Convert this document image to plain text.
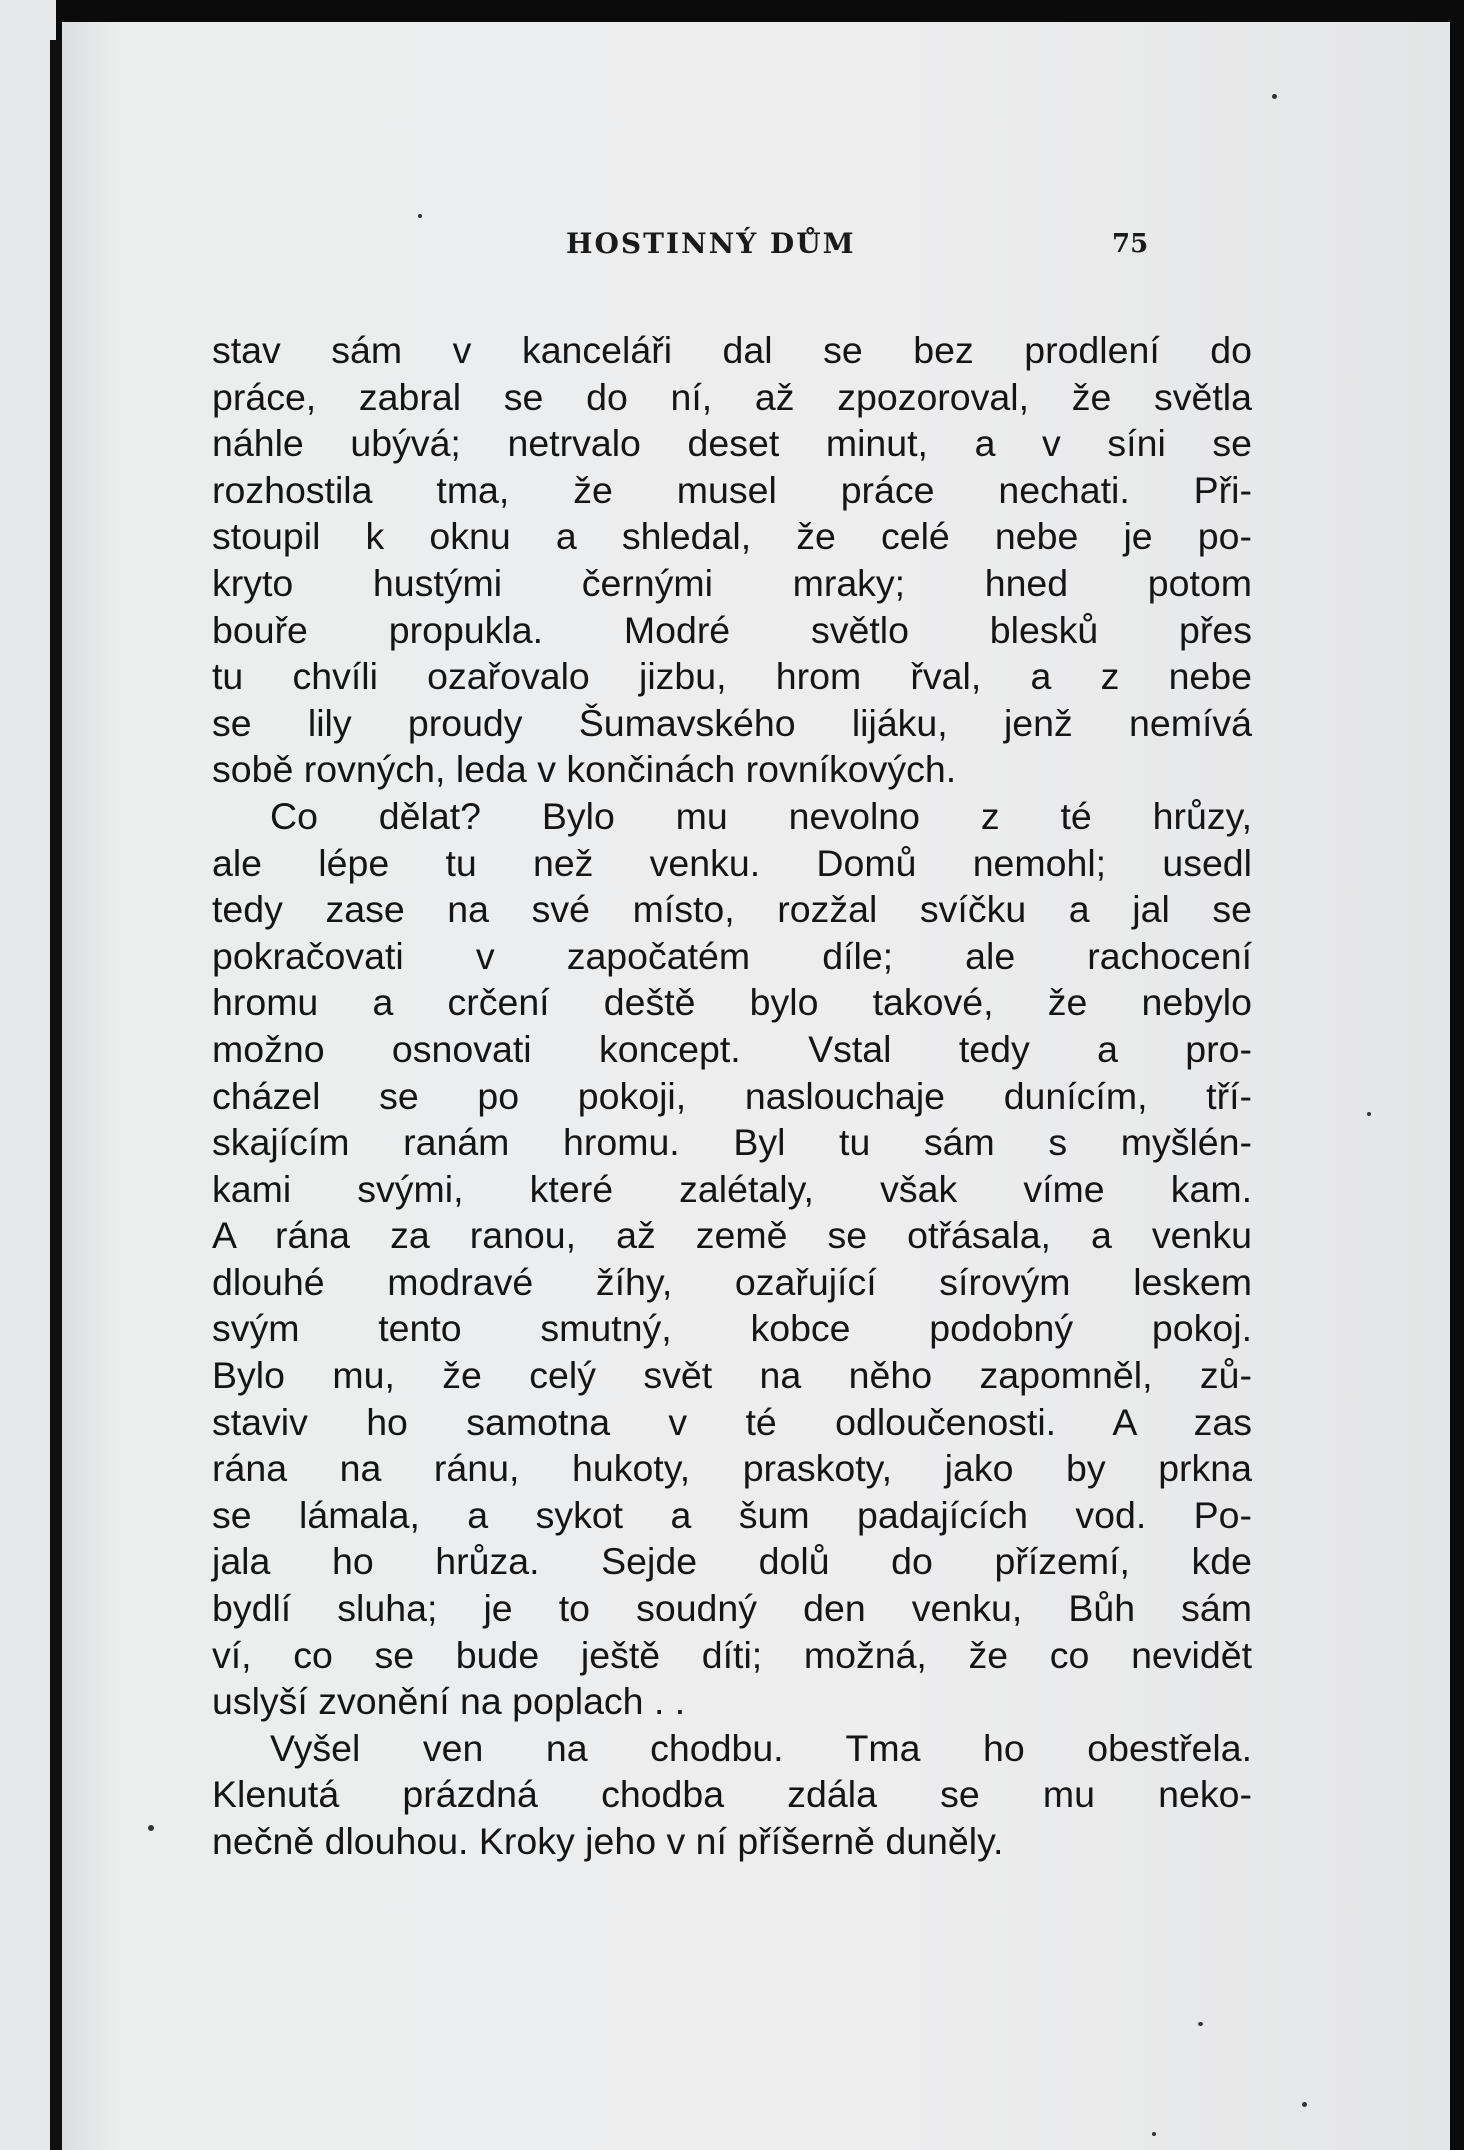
HOSTINNÝ DŮM	75
stav sám v kanceláři dal se bez prodlení do
práce, zabral se do ní, až zpozoroval, že světla
náhle ubývá; netrvalo deset minut, a v síni se
rozhostila tma, že musel práce nechati. Při-
stoupil k oknu a shledal, že celé nebe je po-
kryto hustými černými mraky; hned potom
bouře propukla. Modré světlo blesků přes
tu chvíli ozařovalo jizbu, hrom řval, a z nebe
se lily proudy Šumavského lijáku, jenž nemívá
sobě rovných, leda v končinách rovníkových.
Co dělat? Bylo mu nevolno z té hrůzy,
ale lépe tu než venku. Domů nemohl; usedl
tedy zase na své místo, rozžal svíčku a jal se
pokračovati v započatém díle; ale rachocení
hromu a crčení deště bylo takové, že nebylo
možno osnovati koncept. Vstal tedy a pro-
cházel se po pokoji, naslouchaje dunícím, tří-
skajícím ranám hromu. Byl tu sám s myšlén-
kami svými, které zalétaly, však víme kam.
A rána za ranou, až země se otřásala, a venku
dlouhé modravé žíhy, ozařující sírovým leskem
svým tento smutný, kobce podobný pokoj.
Bylo mu, že celý svět na něho zapomněl, zů-
staviv ho samotna v té odloučenosti. A zas
rána na ránu, hukoty, praskoty, jako by prkna
se lámala, a sykot a šum padajících vod. Po-
jala ho hrůza. Sejde dolů do přízemí, kde
bydlí sluha; je to soudný den venku, Bůh sám
ví, co se bude ještě díti; možná, že co nevidět
uslyší zvonění na poplach . .
Vyšel ven na chodbu. Tma ho obestřela.
Klenutá prázdná chodba zdála se mu neko-
nečně dlouhou. Kroky jeho v ní příšerně duněly.
